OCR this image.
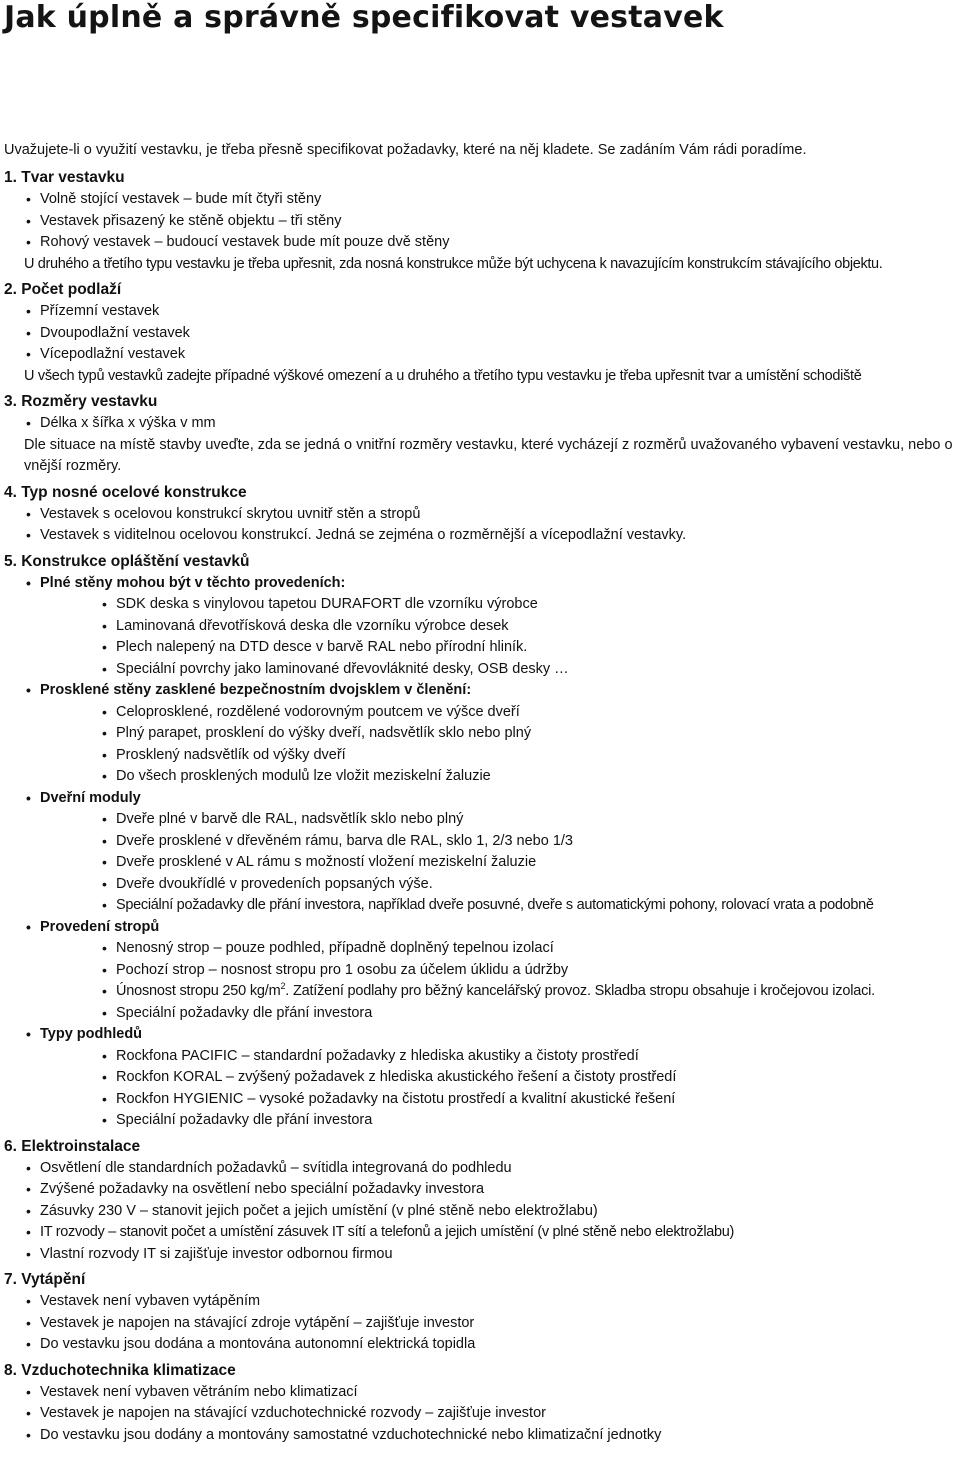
Jak úplně a správně specifikovat vestavek
Uvažujete-li o využití vestavku, je třeba přesně specifikovat požadavky, které na něj kladete. Se zadáním Vám rádi poradíme.
1. Tvar vestavku
• Volně stojící vestavek – bude mít čtyři stěny
• Vestavek přisazený ke stěně objektu – tři stěny
• Rohový vestavek – budoucí vestavek bude mít pouze dvě stěny
U druhého a třetího typu vestavku je třeba upřesnit, zda nosná konstrukce může být uchycena k navazujícím konstrukcím stávajícího objektu.
2. Počet podlaží
• Přízemní vestavek
• Dvoupodlažní vestavek
• Vícepodlažní vestavek
U všech typů vestavků zadejte případné výškové omezení a u druhého a třetího typu vestavku je třeba upřesnit tvar a umístění schodiště
3. Rozměry vestavku
• Délka x šířka x výška v mm
Dle situace na místě stavby uveďte, zda se jedná o vnitřní rozměry vestavku, které vycházejí z rozměrů uvažovaného vybavení vestavku, nebo o vnější rozměry.
4. Typ nosné ocelové konstrukce
• Vestavek s ocelovou konstrukcí skrytou uvnitř stěn a stropů
• Vestavek s viditelnou ocelovou konstrukcí. Jedná se zejména o rozměrnější a vícepodlažní vestavky.
5. Konstrukce opláštění vestavků
• Plné stěny mohou být v těchto provedeních:
• SDK deska s vinylovou tapetou DURAFORT dle vzorníku výrobce
• Laminovaná dřevotřísková deska dle vzorníku výrobce desek
• Plech nalepený na DTD desce v barvě RAL nebo přírodní hliník.
• Speciální povrchy jako laminované dřevovláknité desky, OSB desky …
• Prosklené stěny zasklené bezpečnostním dvojsklem v členění:
• Celoprosklené, rozdělené vodorovným poutcem ve výšce dveří
• Plný parapet, prosklení do výšky dveří, nadsvětlík sklo nebo plný
• Prosklený nadsvětlík od výšky dveří
• Do všech prosklených modulů lze vložit meziskelní žaluzie
• Dveřní moduly
• Dveře plné v barvě dle RAL, nadsvětlík sklo nebo plný
• Dveře prosklené v dřevěném rámu, barva dle RAL, sklo 1, 2/3 nebo 1/3
• Dveře prosklené v AL rámu s možností vložení meziskelní žaluzie
• Dveře dvoukřídlé v provedeních popsaných výše.
• Speciální požadavky dle přání investora, například dveře posuvné, dveře s automatickými pohony, rolovací vrata a podobně
• Provedení stropů
• Nenosný strop – pouze podhled, případně doplněný tepelnou izolací
• Pochozí strop – nosnost stropu pro 1 osobu za účelem úklidu a údržby
• Únosnost stropu 250 $kg/m^2$. Zatížení podlahy pro běžný kancelářský provoz. Skladba stropu obsahuje i kročejovou izolaci.
• Speciální požadavky dle přání investora
• Typy podhledů
• Rockfona PACIFIC – standardní požadavky z hlediska akustiky a čistoty prostředí
• Rockfon KORAL – zvýšený požadavek z hlediska akustického řešení a čistoty prostředí
• Rockfon HYGIENIC – vysoké požadavky na čistotu prostředí a kvalitní akustické řešení
• Speciální požadavky dle přání investora
6. Elektroinstalace
• Osvětlení dle standardních požadavků – svítidla integrovaná do podhledu
• Zvýšené požadavky na osvětlení nebo speciální požadavky investora
• Zásuvky 230 V – stanovit jejich počet a jejich umístění (v plné stěně nebo elektrožlabu)
• IT rozvody – stanovit počet a umístění zásuvek IT sítí a telefonů a jejich umístění (v plné stěně nebo elektrožlabu)
• Vlastní rozvody IT si zajišťuje investor odbornou firmou
7. Vytápění
• Vestavek není vybaven vytápěním
• Vestavek je napojen na stávající zdroje vytápění – zajišťuje investor
• Do vestavku jsou dodána a montována autonomní elektrická topidla
8. Vzduchotechnika klimatizace
• Vestavek není vybaven větráním nebo klimatizací
• Vestavek je napojen na stávající vzduchotechnické rozvody – zajišťuje investor
• Do vestavku jsou dodány a montovány samostatné vzduchotechnické nebo klimatizační jednotky
